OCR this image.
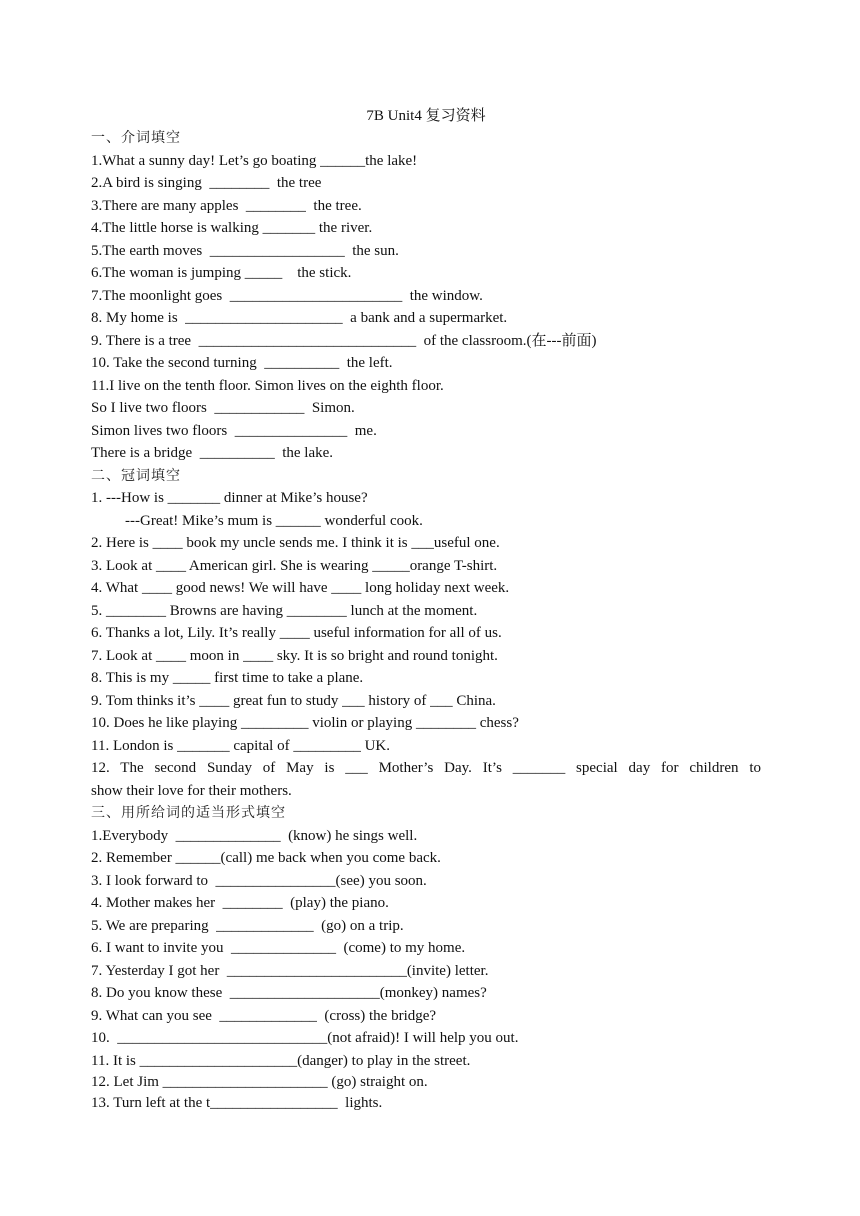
7B Unit4 复习资料
一、介词填空
1.What a sunny day! Let’s go boating ______the lake!
2.A bird is singing  ________  the tree
3.There are many apples  ________  the tree.
4.The little horse is walking _______ the river.
5.The earth moves  __________________  the sun.
6.The woman is jumping _____    the stick.
7.The moonlight goes  _______________________  the window.
8. My home is  _____________________  a bank and a supermarket.
9. There is a tree  _____________________________  of the classroom.(在---前面)
10. Take the second turning  __________  the left.
11.I live on the tenth floor. Simon lives on the eighth floor.
So I live two floors  ____________  Simon.
Simon lives two floors  _______________  me.
There is a bridge  __________  the lake.
二、冠词填空
1. ---How is _______ dinner at Mike’s house?
---Great! Mike’s mum is ______ wonderful cook.
2. Here is ____ book my uncle sends me. I think it is ___useful one.
3. Look at ____ American girl. She is wearing _____orange T-shirt.
4. What ____ good news! We will have ____ long holiday next week.
5. ________ Browns are having ________ lunch at the moment.
6. Thanks a lot, Lily. It’s really ____ useful information for all of us.
7. Look at ____ moon in ____ sky. It is so bright and round tonight.
8. This is my _____ first time to take a plane.
9. Tom thinks it’s ____ great fun to study ___ history of ___ China.
10. Does he like playing _________ violin or playing ________ chess?
11. London is _______ capital of _________ UK.
12. The second Sunday of May is ___ Mother’s Day. It’s _______ special day for children to
show their love for their mothers.
三、用所给词的适当形式填空
1.Everybody  ______________  (know) he sings well.
2. Remember ______(call) me back when you come back.
3. I look forward to  ________________(see) you soon.
4. Mother makes her  ________  (play) the piano.
5. We are preparing  _____________  (go) on a trip.
6. I want to invite you  ______________  (come) to my home.
7. Yesterday I got her  ________________________(invite) letter.
8. Do you know these  ____________________(monkey) names?
9. What can you see  _____________  (cross) the bridge?
10.  ____________________________(not afraid)! I will help you out.
11. It is _____________________(danger) to play in the street.
12. Let Jim ______________________ (go) straight on.
13. Turn left at the t_________________  lights.
